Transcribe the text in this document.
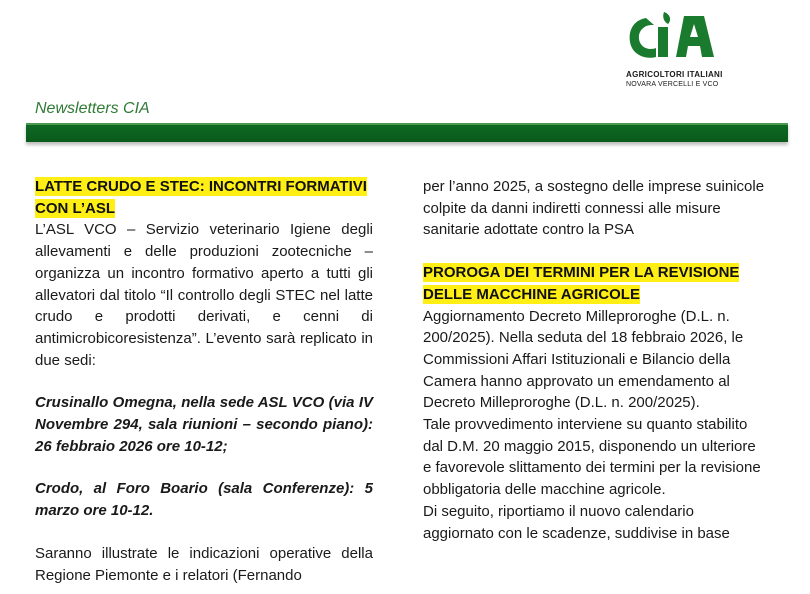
AGRICOLTORI ITALIANI
NOVARA VERCELLI E VCO
Newsletters CIA

LATTE CRUDO E STEC: INCONTRI FORMATIVI CON L’ASL

L’ASL VCO – Servizio veterinario Igiene degli allevamenti e delle produzioni zootecniche – organizza un incontro formativo aperto a tutti gli allevatori dal titolo “Il controllo degli STEC nel latte crudo e prodotti derivati, e cenni di antimicrobicoresistenza”. L’evento sarà replicato in due sedi:

Crusinallo Omegna, nella sede ASL VCO (via IV Novembre 294, sala riunioni – secondo piano): 26 febbraio 2026 ore 10-12;

Crodo, al Foro Boario (sala Conferenze): 5 marzo ore 10-12.

Saranno illustrate le indicazioni operative della Regione Piemonte e i relatori (Fernando

per l’anno 2025, a sostegno delle imprese suinicole colpite da danni indiretti connessi alle misure sanitarie adottate contro la PSA

PROROGA DEI TERMINI PER LA REVISIONE DELLE MACCHINE AGRICOLE

Aggiornamento Decreto Milleproroghe (D.L. n. 200/2025). Nella seduta del 18 febbraio 2026, le Commissioni Affari Istituzionali e Bilancio della Camera hanno approvato un emendamento al Decreto Milleproroghe (D.L. n. 200/2025).

Tale provvedimento interviene su quanto stabilito dal D.M. 20 maggio 2015, disponendo un ulteriore e favorevole slittamento dei termini per la revisione obbligatoria delle macchine agricole.

Di seguito, riportiamo il nuovo calendario aggiornato con le scadenze, suddivise in base
